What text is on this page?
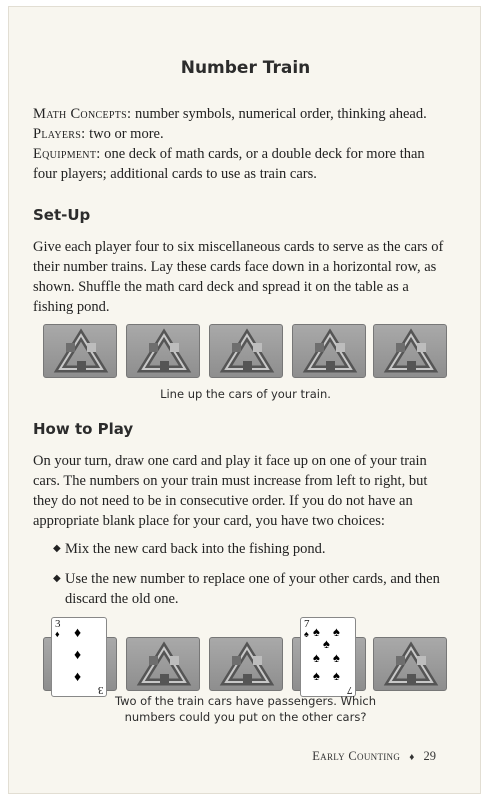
Number Train

Math Concepts: number symbols, numerical order, thinking ahead.

Players: two or more.

Equipment: one deck of math cards, or a double deck for more than four players; additional cards to use as train cars.

Set-Up
Give each player four to six miscellaneous cards to serve as the cars of their number trains. Lay these cards face down in a horizontal row, as shown. Shuffle the math card deck and spread it on the table as a fishing pond.
Line up the cars of your train.
How to Play
On your turn, draw one card and play it face up on one of your train cars. The numbers on your train must increase from left to right, but they do not need to be in consecutive order. If you do not have an appropriate blank place for your card, you have two choices:
◆ Mix the new card back into the fishing pond.
◆ Use the new number to replace one of your other cards, and then discard the old one.
3
♦ ♦
♦
♦
3
7
♠ ♠ ♠
♠
♠ ♠
♠ ♠
7
Two of the train cars have passengers. Which
numbers could you put on the other cars?
Early Counting ♦ 29
